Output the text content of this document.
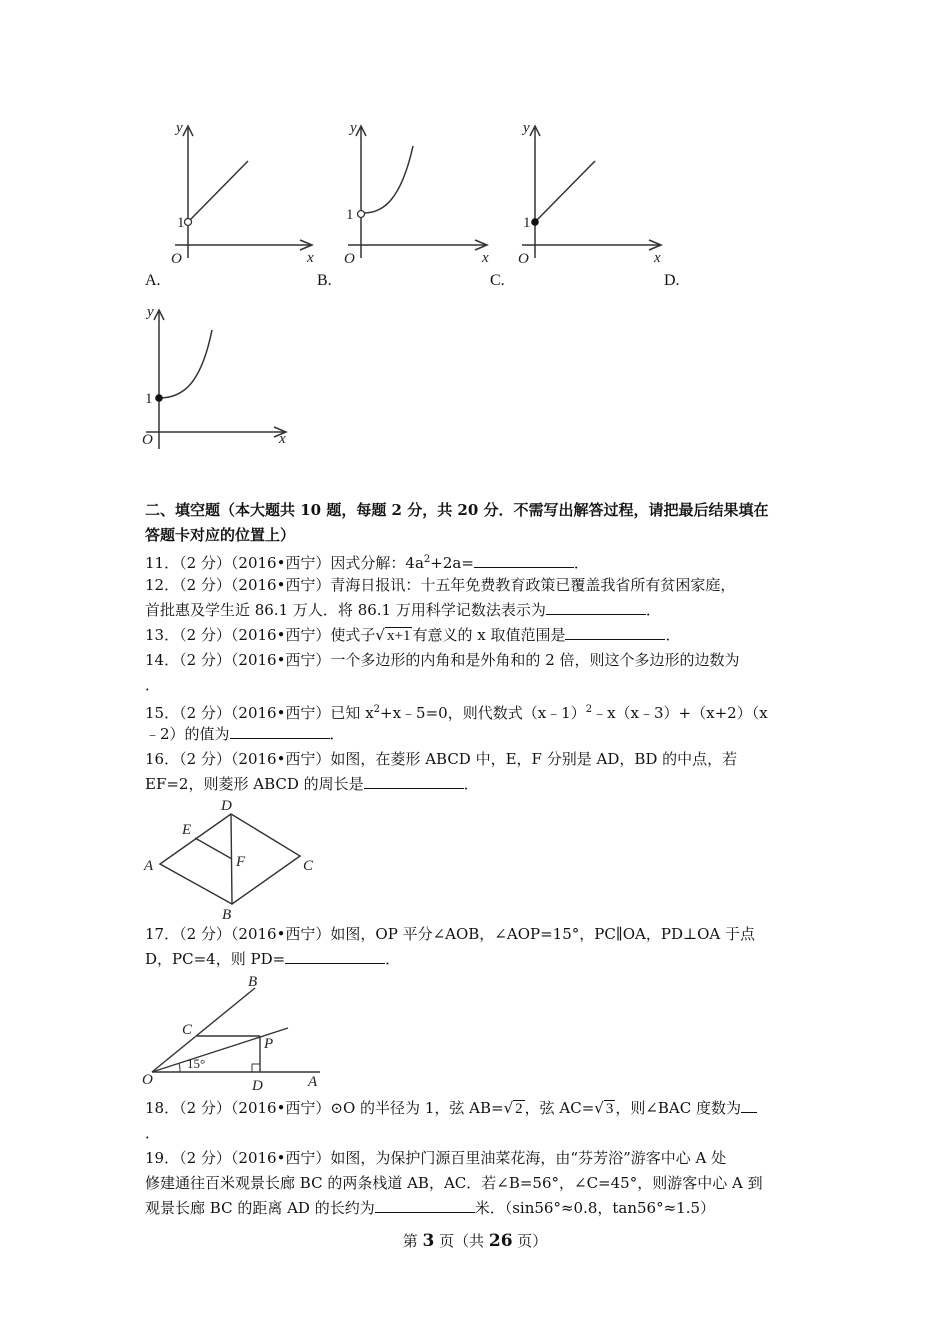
y
x
O
1
A.
y
x
O
1
B.
y
x
O
1
C.	D.
y
x
O
1
二、填空题（本大题共 10 题，每题 2 分，共 20 分．不需写出解答过程，请把最后结果填在
答题卡对应的位置上）
11．（2 分）（2016•西宁）因式分解：$4a^2+2a=$	．
12．（2 分）（2016•西宁）青海日报讯：十五年免费教育政策已覆盖我省所有贫困家庭，
首批惠及学生近 86.1 万人．将 86.1 万用科学记数法表示为	．
13．（2 分）（2016•西宁）使式子√ x+1 有意义的 x 取值范围是	．
14．（2 分）（2016•西宁）一个多边形的内角和是外角和的 2 倍，则这个多边形的边数为
．
15．（2 分）（2016•西宁）已知 $x^2+x﹣5=0$，则代数式（x﹣1）$^2$﹣x（x﹣3）+（x+2）（x
﹣2）的值为	．
16．（2 分）（2016•西宁）如图，在菱形 ABCD 中，E，F 分别是 AD，BD 的中点，若
EF=2，则菱形 ABCD 的周长是	．
A
B
C
D
E
F
17．（2 分）（2016•西宁）如图，OP 平分∠AOB，∠AOP=15°，PC∥OA，PD⊥OA 于点
D，PC=4，则 PD=	．
O	A
B
C
P
D
15°
18．（2 分）（2016•西宁）⊙O 的半径为 1，弦 AB=√ 2 ，弦 AC=√ 3 ，则∠BAC 度数为
．
19．（2 分）（2016•西宁）如图，为保护门源百里油菜花海，由“芬芳浴”游客中心 A 处
修建通往百米观景长廊 BC 的两条栈道 AB，AC．若∠B=56°，∠C=45°，则游客中心 A 到
观景长廊 BC 的距离 AD 的长约为	米．（sin56°≈0.8，tan56°≈1.5）
第 3 页（共 26 页）
